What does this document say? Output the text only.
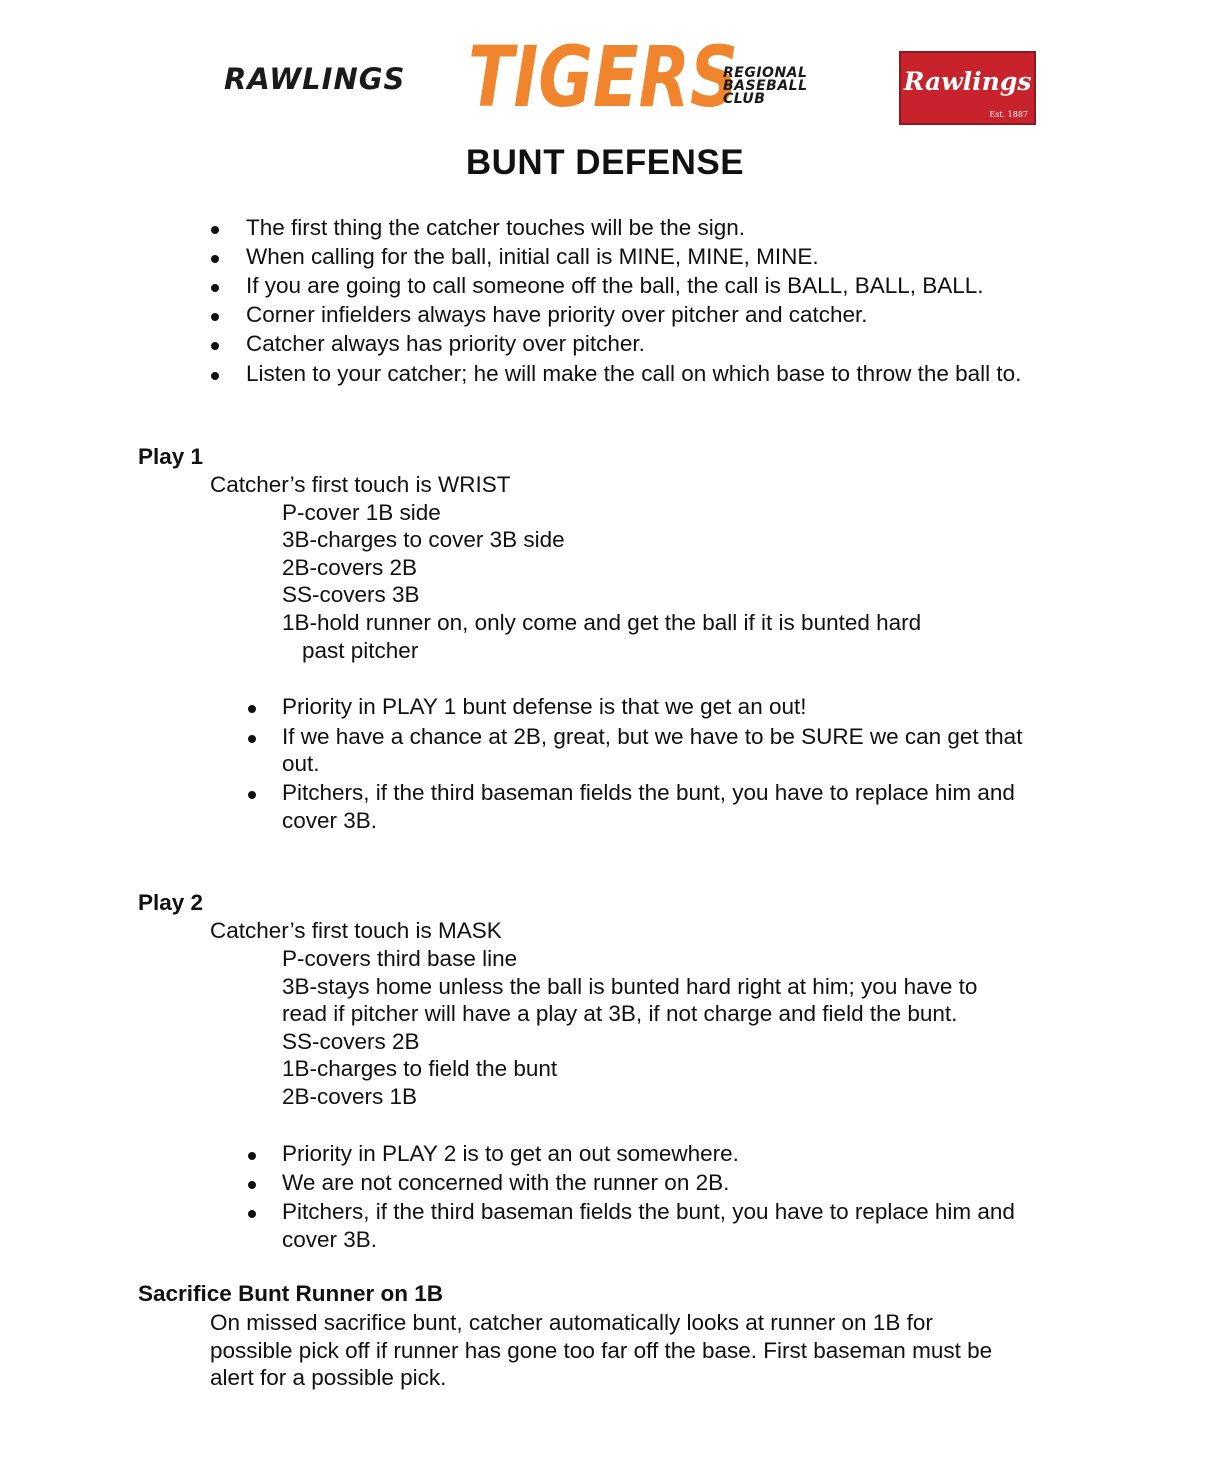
RAWLINGS TIGERS
REGIONAL
BASEBALL
CLUB
Rawlings
Est. 1887
BUNT DEFENSE
The first thing the catcher touches will be the sign.
When calling for the ball, initial call is MINE, MINE, MINE.
If you are going to call someone off the ball, the call is BALL, BALL, BALL.
Corner infielders always have priority over pitcher and catcher.
Catcher always has priority over pitcher.
Listen to your catcher; he will make the call on which base to throw the ball to.
Play 1
Catcher’s first touch is WRIST
P-cover 1B side
3B-charges to cover 3B side
2B-covers 2B
SS-covers 3B
1B-hold runner on, only come and get the ball if it is bunted hard
past pitcher
Priority in PLAY 1 bunt defense is that we get an out!
If we have a chance at 2B, great, but we have to be SURE we can get that
out.
Pitchers, if the third baseman fields the bunt, you have to replace him and
cover 3B.
Play 2
Catcher’s first touch is MASK
P-covers third base line
3B-stays home unless the ball is bunted hard right at him; you have to
read if pitcher will have a play at 3B, if not charge and field the bunt.
SS-covers 2B
1B-charges to field the bunt
2B-covers 1B
Priority in PLAY 2 is to get an out somewhere.
We are not concerned with the runner on 2B.
Pitchers, if the third baseman fields the bunt, you have to replace him and
cover 3B.
Sacrifice Bunt Runner on 1B
On missed sacrifice bunt, catcher automatically looks at runner on 1B for
possible pick off if runner has gone too far off the base. First baseman must be
alert for a possible pick.
